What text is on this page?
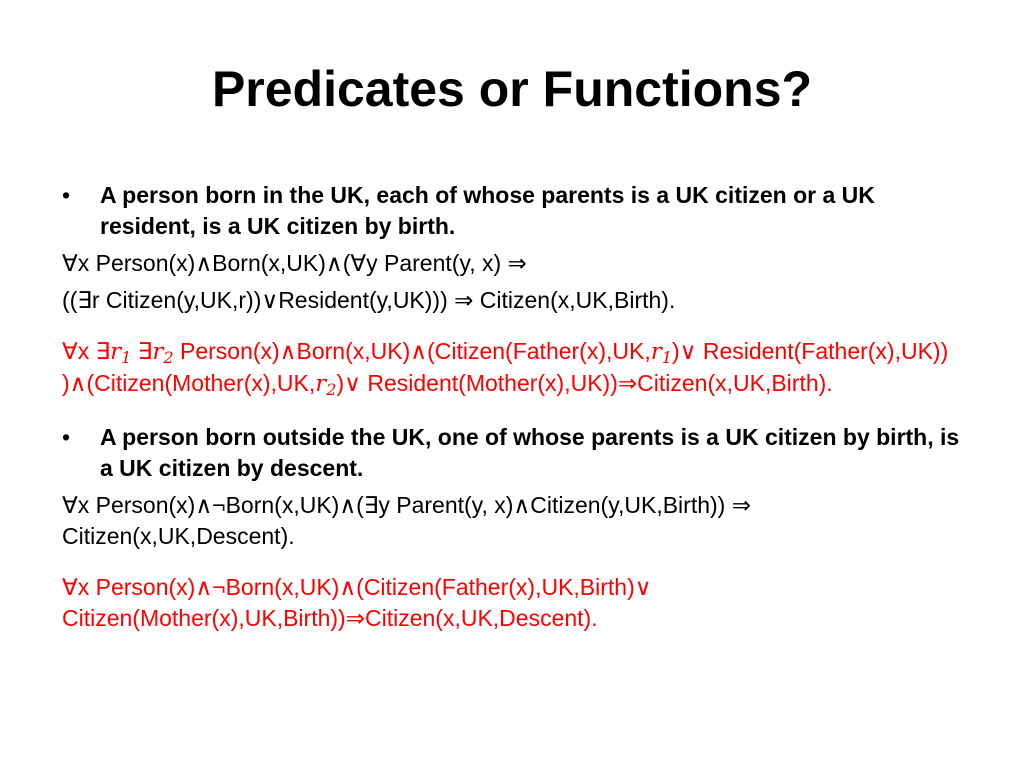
Predicates or Functions?

• A person born in the UK, each of whose parents is a UK citizen or a UK resident, is a UK citizen by birth.

∀x Person(x)∧Born(x,UK)∧(∀y Parent(y, x) ⇒

((∃r Citizen(y,UK,r))∨Resident(y,UK))) ⇒ Citizen(x,UK,Birth).

∀x $\exists r_1$ $\exists r_2$ $Person(x)\wedge Born(x,UK)\wedge(Citizen(Father(x),UK,r_1)\vee$ Resident(Father(x),UK)) )$\wedge(Citizen(Mother(x),UK,r_2)\vee$ Resident(Mother(x),UK))⇒Citizen(x,UK,Birth).

• A person born outside the UK, one of whose parents is a UK citizen by birth, is a UK citizen by descent.

∀x Person(x)∧¬Born(x,UK)∧(∃y Parent(y, x)∧Citizen(y,UK,Birth)) ⇒ Citizen(x,UK,Descent).

∀x Person(x)∧¬Born(x,UK)∧(Citizen(Father(x),UK,Birth)∨ Citizen(Mother(x),UK,Birth))⇒Citizen(x,UK,Descent).
